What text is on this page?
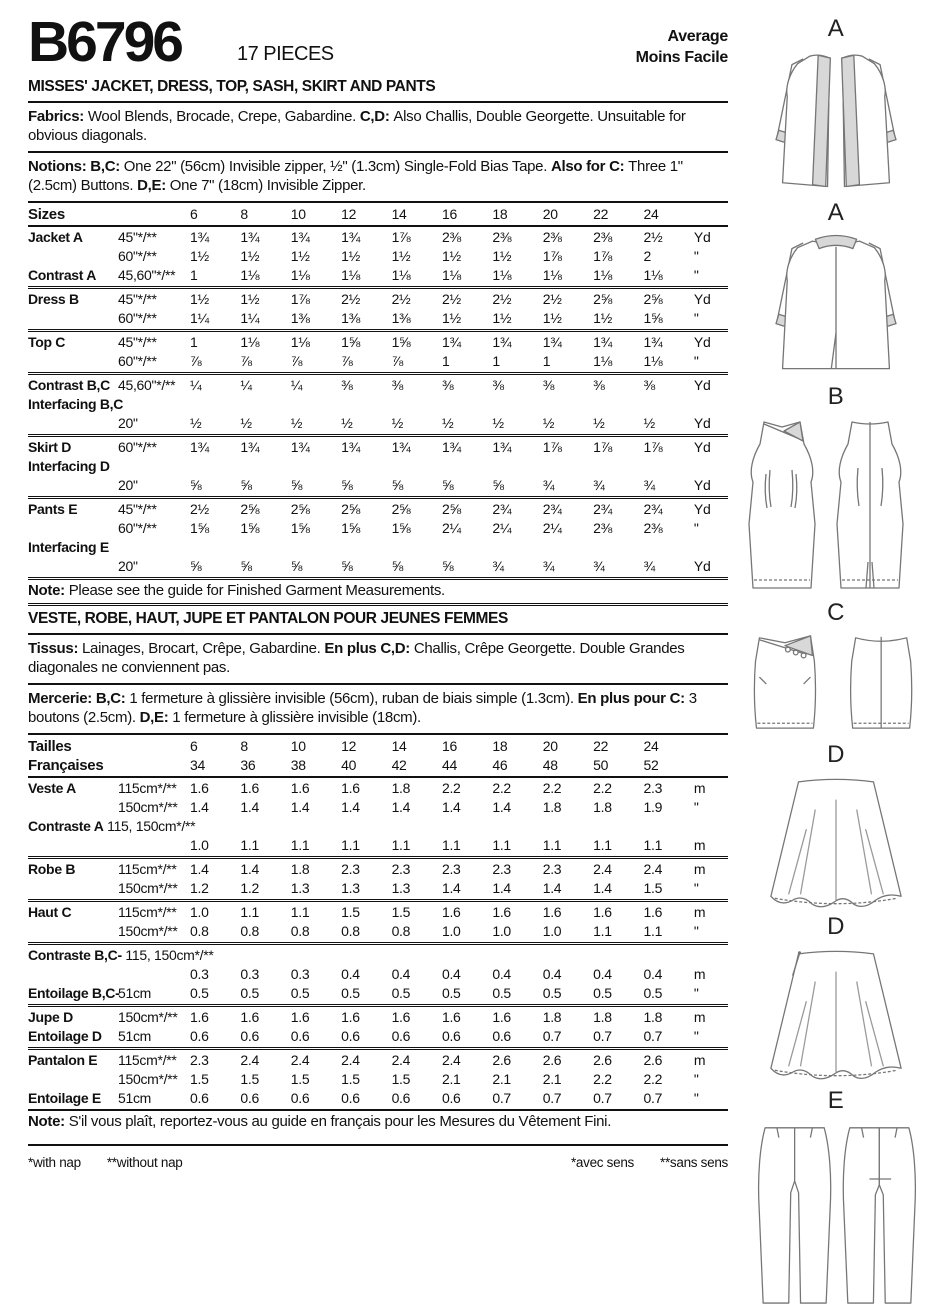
B6796	17 PIECES
Average
Moins Facile
MISSES' JACKET, DRESS, TOP, SASH, SKIRT AND PANTS
Fabrics: Wool Blends, Brocade, Crepe, Gabardine. C,D: Also Challis, Double Georgette. Unsuitable for obvious diagonals.
Notions: B,C: One 22" (56cm) Invisible zipper, ½" (1.3cm) Single-Fold Bias Tape. Also for C: Three 1" (2.5cm) Buttons. D,E: One 7" (18cm) Invisible Zipper.
Sizes	6	8	10	12	14	16	18	20	22	24
Jacket A	45"*/**	1¾	1¾	1¾	1¾	1⅞	2⅜	2⅜	2⅜	2⅜	2½	Yd
60"*/**	1½	1½	1½	1½	1½	1½	1½	1⅞	1⅞	2	"
Contrast A	45,60"*/**	1	1⅛	1⅛	1⅛	1⅛	1⅛	1⅛	1⅛	1⅛	1⅛	"
Dress B	45"*/**	1½	1½	1⅞	2½	2½	2½	2½	2½	2⅝	2⅝	Yd
60"*/**	1¼	1¼	1⅜	1⅜	1⅜	1½	1½	1½	1½	1⅝	"
Top C	45"*/**	1	1⅛	1⅛	1⅝	1⅝	1¾	1¾	1¾	1¾	1¾	Yd
60"*/**	⅞	⅞	⅞	⅞	⅞	1	1	1	1⅛	1⅛	"
Contrast B,C 45,60"*/**	¼	¼	¼	⅜	⅜	⅜	⅜	⅜	⅜	⅜	Yd
Interfacing B,C
20"	½	½	½	½	½	½	½	½	½	½	Yd
Skirt D	60"*/**	1¾	1¾	1¾	1¾	1¾	1¾	1¾	1⅞	1⅞	1⅞	Yd
Interfacing D
20"	⅝	⅝	⅝	⅝	⅝	⅝	⅝	¾	¾	¾	Yd
Pants E	45"*/**	2½	2⅝	2⅝	2⅝	2⅝	2⅝	2¾	2¾	2¾	2¾	Yd
60"*/**	1⅝	1⅝	1⅝	1⅝	1⅝	2¼	2¼	2¼	2⅜	2⅜	"
Interfacing E
20"	⅝	⅝	⅝	⅝	⅝	⅝	¾	¾	¾	¾	Yd
Note: Please see the guide for Finished Garment Measurements.
VESTE, ROBE, HAUT, JUPE ET PANTALON POUR JEUNES FEMMES
Tissus: Lainages, Brocart, Crêpe, Gabardine. En plus C,D: Challis, Crêpe Georgette. Double Grandes diagonales ne conviennent pas.
Mercerie: B,C: 1 fermeture à glissière invisible (56cm), ruban de biais simple (1.3cm). En plus pour C: 3 boutons (2.5cm). D,E: 1 fermeture à glissière invisible (18cm).
Tailles	6	8	10	12	14	16	18	20	22	24
Françaises	34	36	38	40	42	44	46	48	50	52
Veste A	115cm*/** 1.6	1.6	1.6	1.6	1.8	2.2	2.2	2.2	2.2	2.3	m
150cm*/** 1.4	1.4	1.4	1.4	1.4	1.4	1.4	1.8	1.8	1.9	"
Contraste A 115, 150cm*/**
1.0	1.1	1.1	1.1	1.1	1.1	1.1	1.1	1.1	1.1	m
Robe B	115cm*/** 1.4	1.4	1.8	2.3	2.3	2.3	2.3	2.3	2.4	2.4	m
150cm*/** 1.2	1.2	1.3	1.3	1.3	1.4	1.4	1.4	1.4	1.5	"
Haut C	115cm*/** 1.0	1.1	1.1	1.5	1.5	1.6	1.6	1.6	1.6	1.6	m
150cm*/** 0.8	0.8	0.8	0.8	0.8	1.0	1.0	1.0	1.1	1.1	"
Contraste B,C- 115, 150cm*/**
0.3	0.3	0.3	0.4	0.4	0.4	0.4	0.4	0.4	0.4	m
Entoilage B,C-
51cm	0.5	0.5	0.5	0.5	0.5	0.5	0.5	0.5	0.5	0.5	"
Jupe D	150cm*/** 1.6	1.6	1.6	1.6	1.6	1.6	1.6	1.8	1.8	1.8	m
Entoilage D	51cm	0.6	0.6	0.6	0.6	0.6	0.6	0.6	0.7	0.7	0.7	"
Pantalon E	115cm*/** 2.3	2.4	2.4	2.4	2.4	2.4	2.6	2.6	2.6	2.6	m
150cm*/** 1.5	1.5	1.5	1.5	1.5	2.1	2.1	2.1	2.2	2.2	"
Entoilage E	51cm	0.6	0.6	0.6	0.6	0.6	0.6	0.7	0.7	0.7	0.7	"
Note: S'il vous plaît, reportez-vous au guide en français pour les Mesures du Vêtement Fini.
*with nap **without nap	*avec sens **sans sens
A
A
B
C
D
D
E
